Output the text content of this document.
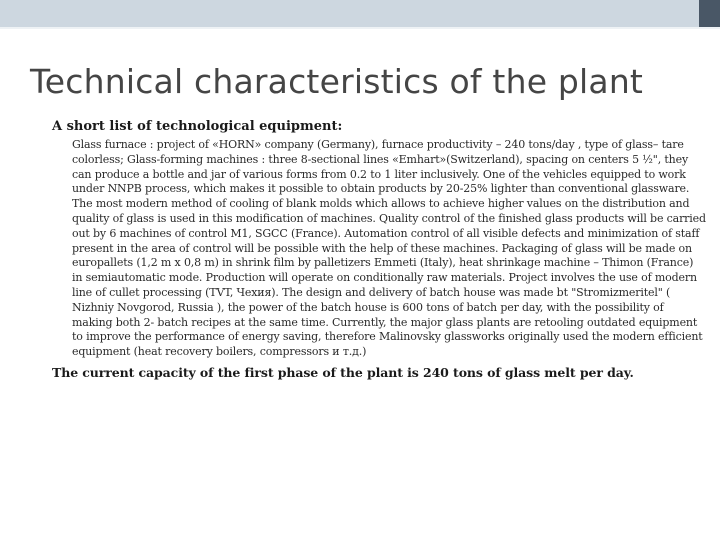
Technical characteristics of the plant

A short list of technological equipment:

Glass furnace : project of «HORN» company (Germany), furnace productivity – 240 tons/day , type of glass– tare colorless; Glass-forming machines : three 8-sectional lines «Emhart»(Switzerland), spacing on centers 5 ½", they can produce a bottle and jar of various forms from 0.2 to 1 liter inclusively. One of the vehicles equipped to work under NNPB process, which makes it possible to obtain products by 20-25% lighter than conventional glassware. The most modern method of cooling of blank molds which allows to achieve higher values on the distribution and quality of glass is used in this modification of machines. Quality control of the finished glass products will be carried out by 6 machines of control M1, SGCC (France). Automation control of all visible defects and minimization of staff present in the area of control will be possible with the help of these machines. Packaging of glass will be made on europallets (1,2 m x 0,8 m) in shrink film by palletizers Emmeti (Italy), heat shrinkage machine – Thimon (France) in semiautomatic mode. Production will operate on conditionally raw materials. Project involves the use of modern line of cullet processing (TVT, Чехия). The design and delivery of batch house was made bt "Stromizmeritel" ( Nizhniy Novgorod, Russia ), the power of the batch house is 600 tons of batch per day, with the possibility of making both 2- batch recipes at the same time. Currently, the major glass plants are retooling outdated equipment to improve the performance of energy saving, therefore Malinovsky glassworks originally used the modern efficient equipment (heat recovery boilers, compressors и т.д.)

The current capacity of the first phase of the plant is 240 tons of glass melt per day.
